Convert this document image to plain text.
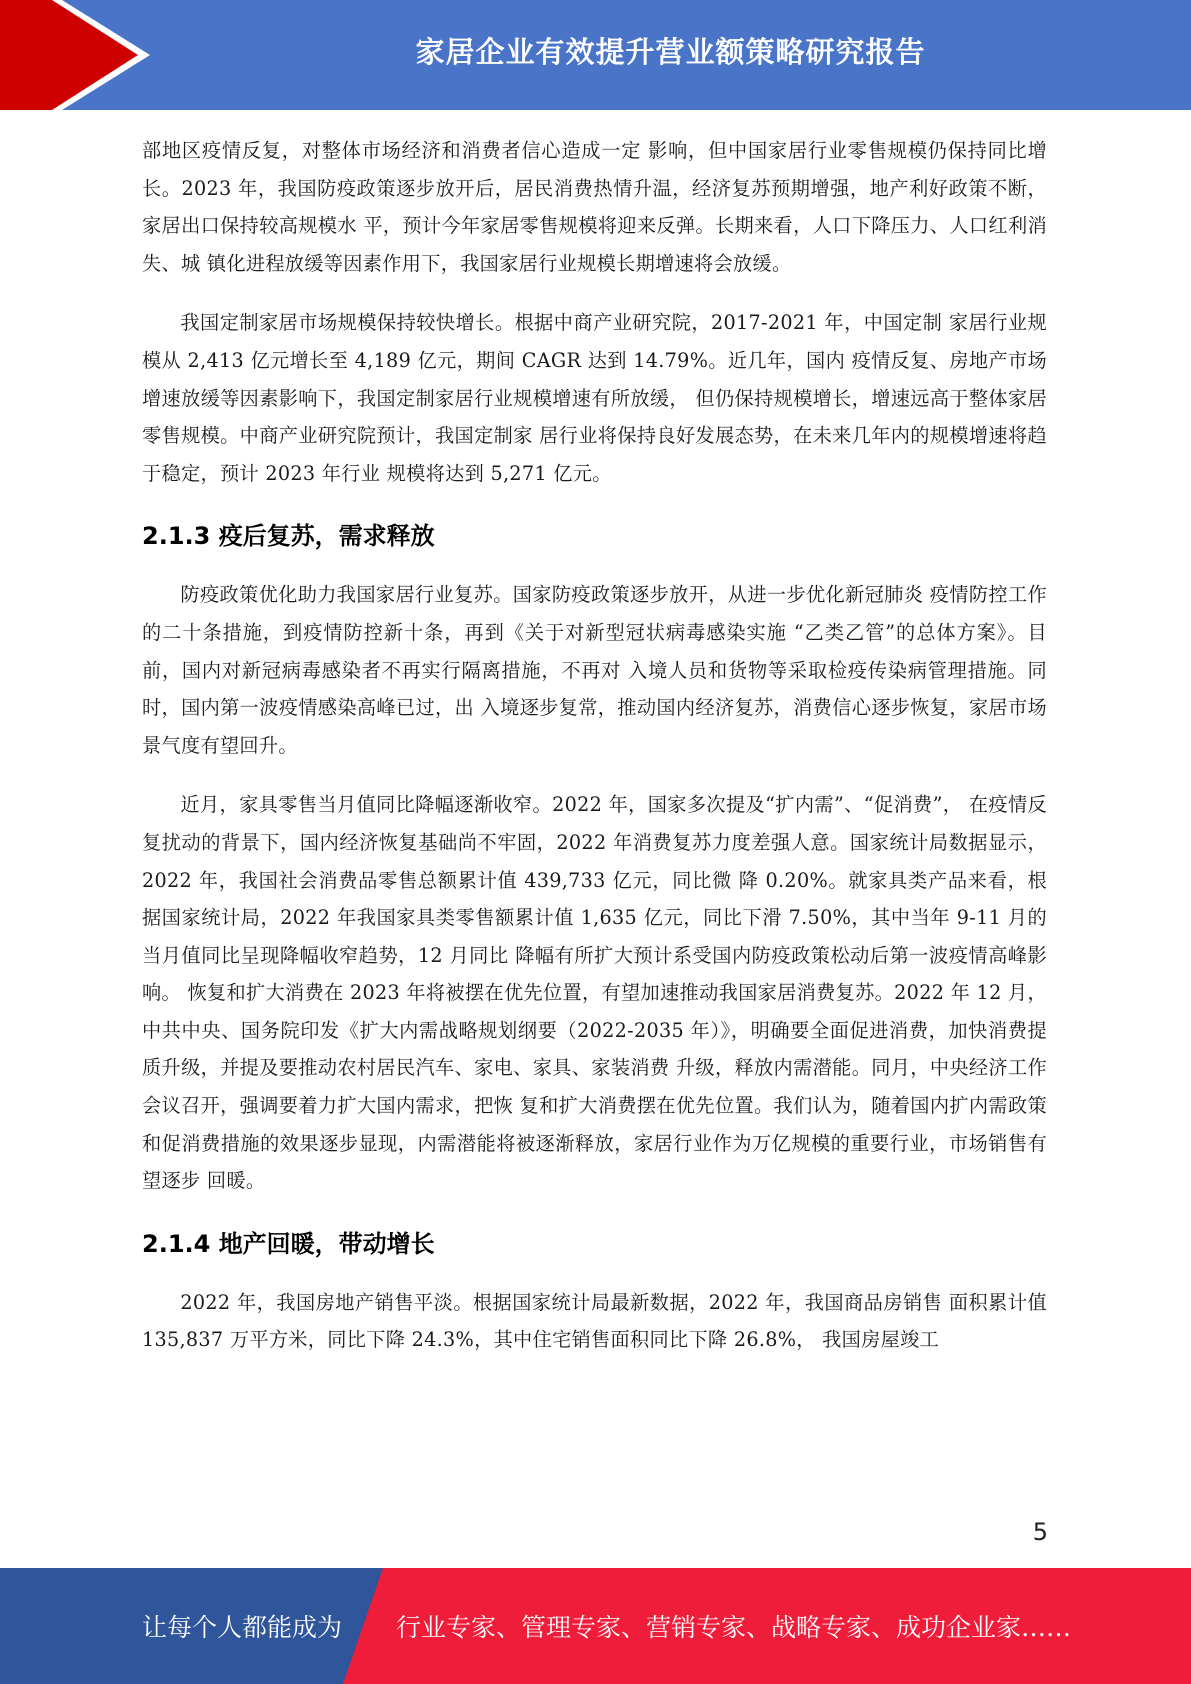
家居企业有效提升营业额策略研究报告

部地区疫情反复，对整体市场经济和消费者信心造成一定 影响，但中国家居行业零售规模仍保持同比增长。2023 年，我国防疫政策逐步放开后，居民消费热情升温，经济复苏预期增强，地产利好政策不断，家居出口保持较高规模水 平，预计今年家居零售规模将迎来反弹。长期来看，人口下降压力、人口红利消失、城 镇化进程放缓等因素作用下，我国家居行业规模长期增速将会放缓。

我国定制家居市场规模保持较快增长。根据中商产业研究院，2017-2021 年，中国定制 家居行业规模从 2,413 亿元增长至 4,189 亿元，期间 CAGR 达到 14.79%。近几年，国内 疫情反复、房地产市场增速放缓等因素影响下，我国定制家居行业规模增速有所放缓， 但仍保持规模增长，增速远高于整体家居零售规模。中商产业研究院预计，我国定制家 居行业将保持良好发展态势，在未来几年内的规模增速将趋于稳定，预计 2023 年行业 规模将达到 5,271 亿元。

2.1.3 疫后复苏，需求释放

防疫政策优化助力我国家居行业复苏。国家防疫政策逐步放开，从进一步优化新冠肺炎 疫情防控工作的二十条措施，到疫情防控新十条，再到《关于对新型冠状病毒感染实施 “乙类乙管”的总体方案》。目前，国内对新冠病毒感染者不再实行隔离措施，不再对 入境人员和货物等采取检疫传染病管理措施。同时，国内第一波疫情感染高峰已过，出 入境逐步复常，推动国内经济复苏，消费信心逐步恢复，家居市场景气度有望回升。

近月，家具零售当月值同比降幅逐渐收窄。2022 年，国家多次提及“扩内需”、“促消费”， 在疫情反复扰动的背景下，国内经济恢复基础尚不牢固，2022 年消费复苏力度差强人意。国家统计局数据显示，2022 年，我国社会消费品零售总额累计值 439,733 亿元，同比微 降 0.20%。就家具类产品来看，根据国家统计局，2022 年我国家具类零售额累计值 1,635 亿元，同比下滑 7.50%，其中当年 9-11 月的当月值同比呈现降幅收窄趋势，12 月同比 降幅有所扩大预计系受国内防疫政策松动后第一波疫情高峰影响。 恢复和扩大消费在 2023 年将被摆在优先位置，有望加速推动我国家居消费复苏。2022 年 12 月，中共中央、国务院印发《扩大内需战略规划纲要（2022-2035 年）》，明确要全面促进消费，加快消费提质升级，并提及要推动农村居民汽车、家电、家具、家装消费 升级，释放内需潜能。同月，中央经济工作会议召开，强调要着力扩大国内需求，把恢 复和扩大消费摆在优先位置。我们认为，随着国内扩内需政策和促消费措施的效果逐步显现，内需潜能将被逐渐释放，家居行业作为万亿规模的重要行业，市场销售有望逐步 回暖。

2.1.4 地产回暖，带动增长

2022 年，我国房地产销售平淡。根据国家统计局最新数据，2022 年，我国商品房销售 面积累计值 135,837 万平方米，同比下降 24.3%，其中住宅销售面积同比下降 26.8%， 我国房屋竣工

5
让每个人都能成为 行业专家、管理专家、营销专家、战略专家、成功企业家……
